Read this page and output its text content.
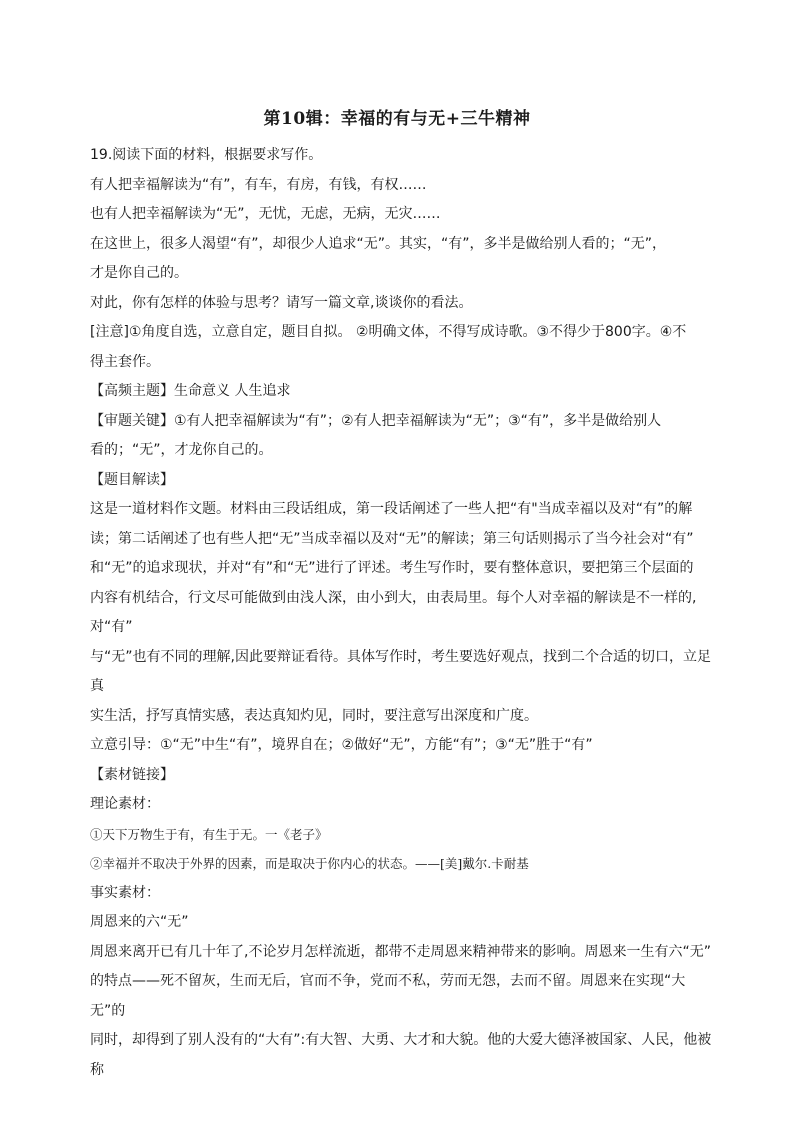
第10辑：幸福的有与无+三牛精神

19.阅读下面的材料，根据要求写作。

有人把幸福解读为“有”，有车，有房，有钱，有权……

也有人把幸福解读为“无”，无忧，无虑，无病，无灾……

在这世上，很多人渴望“有”，却很少人追求“无”。其实，“有”，多半是做给别人看的；“无”，

才是你自己的。

对此，你有怎样的体验与思考？请写一篇文章,谈谈你的看法。

[注意]①角度自选，立意自定，题目自拟。 ②明确文体，不得写成诗歌。③不得少于800字。④不

得主套作。

【高频主题】生命意义 人生追求

【审题关键】①有人把幸福解读为“有”；②有人把幸福解读为“无”；③“有”，多半是做给别人

看的；“无”，才龙你自己的。

【题目解读】

这是一道材料作文题。材料由三段话组成，第一段话阐述了一些人把“有"当成幸福以及对“有”的解

读；第二话阐述了也有些人把“无”当成幸福以及对“无”的解读；第三句话则揭示了当今社会对“有”

和“无”的追求现状，并对“有”和“无”进行了评述。考生写作时，要有整体意识，要把第三个层面的

内容有机结合，行文尽可能做到由浅人深，由小到大，由表局里。每个人对幸福的解读是不一样的,对“有”

与“无”也有不同的理解,因此要辩证看待。具体写作时，考生要选好观点，找到二个合适的切口，立足真

实生活，抒写真情实感，表达真知灼见，同时，要注意写出深度和广度。

立意引导：①“无”中生“有”，境界自在；②做好“无”，方能“有”；③“无”胜于“有”

【素材链接】

理论素材：

①天下万物生于有，有生于无。一《老子》

②幸福并不取决于外界的因素，而是取决于你内心的状态。——[美]戴尔.卡耐基

事实素材：

周恩来的六“无”

周恩来离开已有几十年了,不论岁月怎样流逝，都带不走周恩来精神带来的影响。周恩来一生有六“无”

的特点——死不留灰，生而无后，官而不争，党而不私，劳而无怨，去而不留。周恩来在实现“大无”的

同时，却得到了别人没有的“大有”:有大智、大勇、大才和大貌。他的大爱大德泽被国家、人民，他被称
